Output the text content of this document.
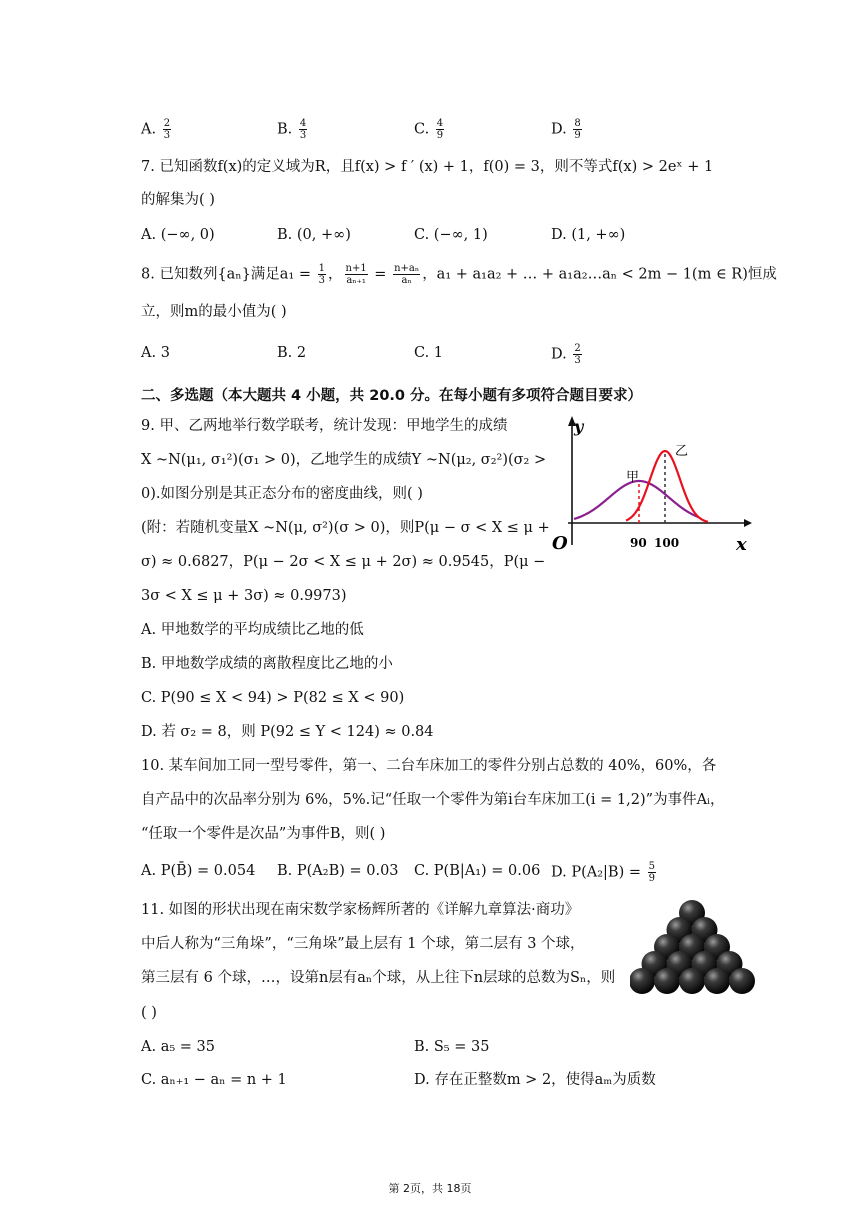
A. $\frac{2}{3}$	B. $\frac{4}{3}$	C. $\frac{4}{9}$	D. $\frac{8}{9}$
7. 已知函数f(x)的定义域为R，且f(x) > f ′ (x) + 1，f(0) = 3，则不等式f(x) > 2eˣ + 1
的解集为( )
A. (−∞, 0)	B. (0, +∞)	C. (−∞, 1)	D. (1, +∞)
8. 已知数列{aₙ}满足$a_1 = \frac{1}{3}$ ， $\frac{n+1}{\text{aₙ₊₁}} = \frac{\text{n+aₙ}}{\text{aₙ}}$ ，a₁ + a₁a₂ + … + a₁a₂…aₙ < 2m − 1(m ∈ R)恒成
立，则m的最小值为( )
A. 3	B. 2	C. 1	D. $\frac{2}{3}$
二、多选题（本大题共 4 小题，共 20.0 分。在每小题有多项符合题目要求）
9. 甲、乙两地举行数学联考，统计发现：甲地学生的成绩
X ~N(μ₁, σ₁²)(σ₁ > 0)，乙地学生的成绩Y ~N(μ₂, σ₂²)(σ₂ >
0).如图分别是其正态分布的密度曲线，则( )
(附：若随机变量X ~N(μ, σ²)(σ > 0)，则P(μ − σ < X ≤ μ +
σ) ≈ 0.6827，P(μ − 2σ < X ≤ μ + 2σ) ≈ 0.9545，P(μ −
3σ < X ≤ μ + 3σ) ≈ 0.9973)
y
x
O
甲
乙
90 100
A. 甲地数学的平均成绩比乙地的低
B. 甲地数学成绩的离散程度比乙地的小
C. P(90 ≤ X < 94) > P(82 ≤ X < 90)
D. 若 σ₂ = 8，则 P(92 ≤ Y < 124) ≈ 0.84
10. 某车间加工同一型号零件，第一、二台车床加工的零件分别占总数的 40%，60%，各
自产品中的次品率分别为 6%，5%.记“任取一个零件为第i台车床加工(i = 1,2)”为事件Aᵢ，
“任取一个零件是次品”为事件B，则( )
A. P(B̄) = 0.054 B. P(A₂B) = 0.03 C. P(B|A₁) = 0.06 D. $P(A_2|B) = \frac{5}{9}$
11. 如图的形状出现在南宋数学家杨辉所著的《详解九章算法·商功》
中后人称为“三角垛”，“三角垛”最上层有 1 个球，第二层有 3 个球，
第三层有 6 个球，…，设第n层有aₙ个球，从上往下n层球的总数为Sₙ，则
( )
A. a₅ = 35	B. S₅ = 35
C. aₙ₊₁ − aₙ = n + 1	D. 存在正整数m > 2，使得aₘ为质数
第 2页，共 18页
